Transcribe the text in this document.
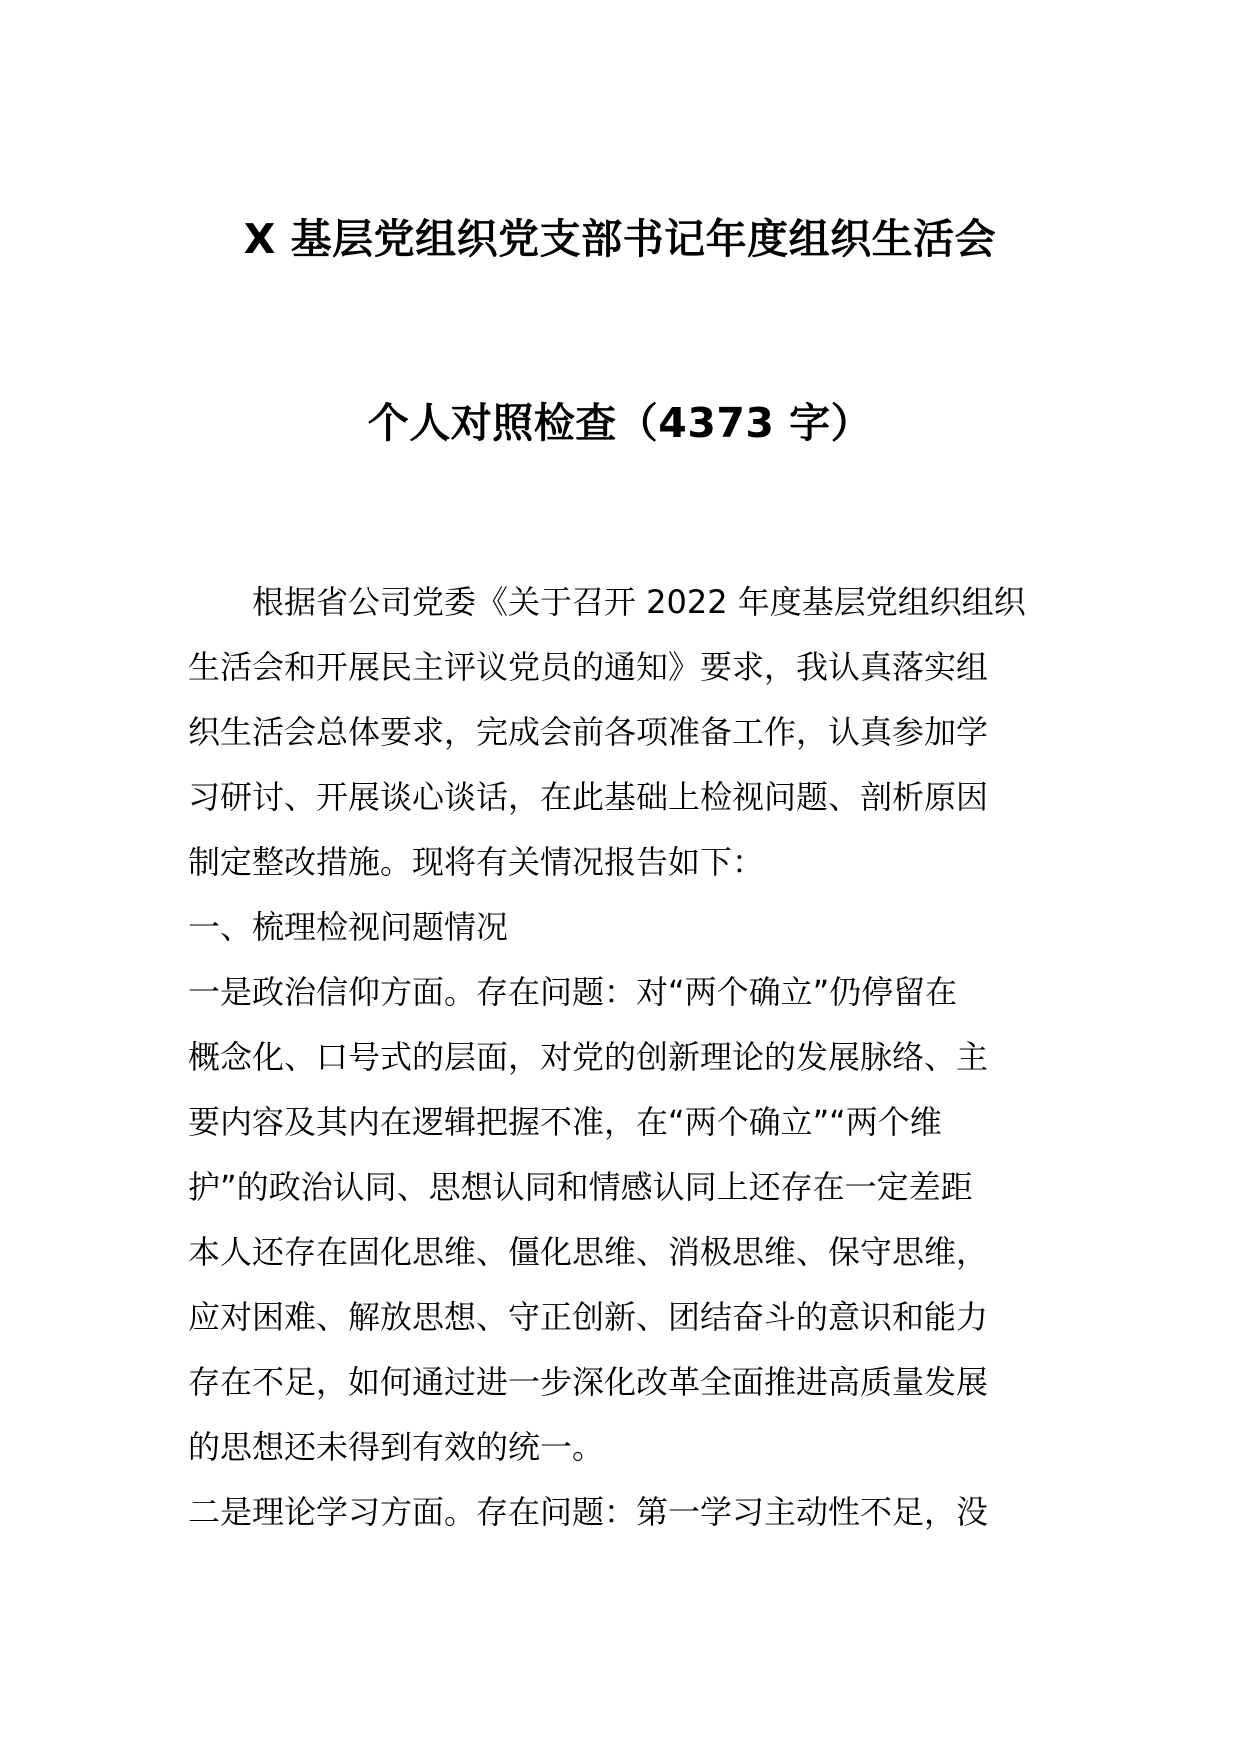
X 基层党组织党支部书记年度组织生活会
个人对照检查（4373 字）
根据省公司党委《关于召开 2022 年度基层党组织组织
生活会和开展民主评议党员的通知》要求，我认真落实组
织生活会总体要求，完成会前各项准备工作，认真参加学
习研讨、开展谈心谈话，在此基础上检视问题、剖析原因
制定整改措施。现将有关情况报告如下：
一、梳理检视问题情况
一是政治信仰方面。存在问题：对“两个确立”仍停留在
概念化、口号式的层面，对党的创新理论的发展脉络、主
要内容及其内在逻辑把握不准，在“两个确立”“两个维
护”的政治认同、思想认同和情感认同上还存在一定差距
本人还存在固化思维、僵化思维、消极思维、保守思维，
应对困难、解放思想、守正创新、团结奋斗的意识和能力
存在不足，如何通过进一步深化改革全面推进高质量发展
的思想还未得到有效的统一。
二是理论学习方面。存在问题：第一学习主动性不足，没
